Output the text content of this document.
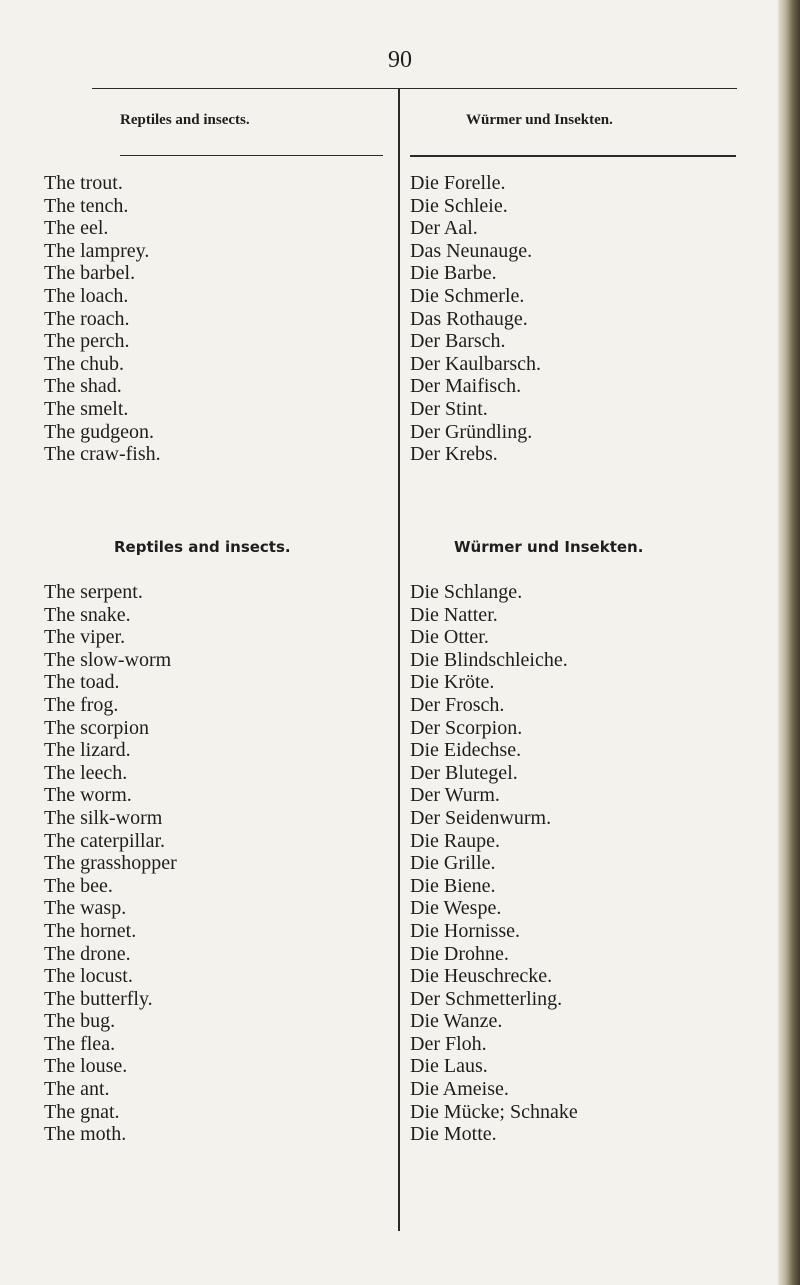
90
Reptiles and insects.	Würmer und Insekten.
The trout.	Die Forelle.
The tench.	Die Schleie.
The eel.	Der Aal.
The lamprey.	Das Neunauge.
The barbel.	Die Barbe.
The loach.	Die Schmerle.
The roach.	Das Rothauge.
The perch.	Der Barsch.
The chub.	Der Kaulbarsch.
The shad.	Der Maifisch.
The smelt.	Der Stint.
The gudgeon.	Der Gründling.
The craw-fish.	Der Krebs.
Reptiles and insects.	Würmer und Insekten.
The serpent.	Die Schlange.
The snake.	Die Natter.
The viper.	Die Otter.
The slow-worm	Die Blindschleiche.
The toad.	Die Kröte.
The frog.	Der Frosch.
The scorpion	Der Scorpion.
The lizard.	Die Eidechse.
The leech.	Der Blutegel.
The worm.	Der Wurm.
The silk-worm	Der Seidenwurm.
The caterpillar.	Die Raupe.
The grasshopper	Die Grille.
The bee.	Die Biene.
The wasp.	Die Wespe.
The hornet.	Die Hornisse.
The drone.	Die Drohne.
The locust.	Die Heuschrecke.
The butterfly.	Der Schmetterling.
The bug.	Die Wanze.
The flea.	Der Floh.
The louse.	Die Laus.
The ant.	Die Ameise.
The gnat.	Die Mücke; Schnake
The moth.	Die Motte.
